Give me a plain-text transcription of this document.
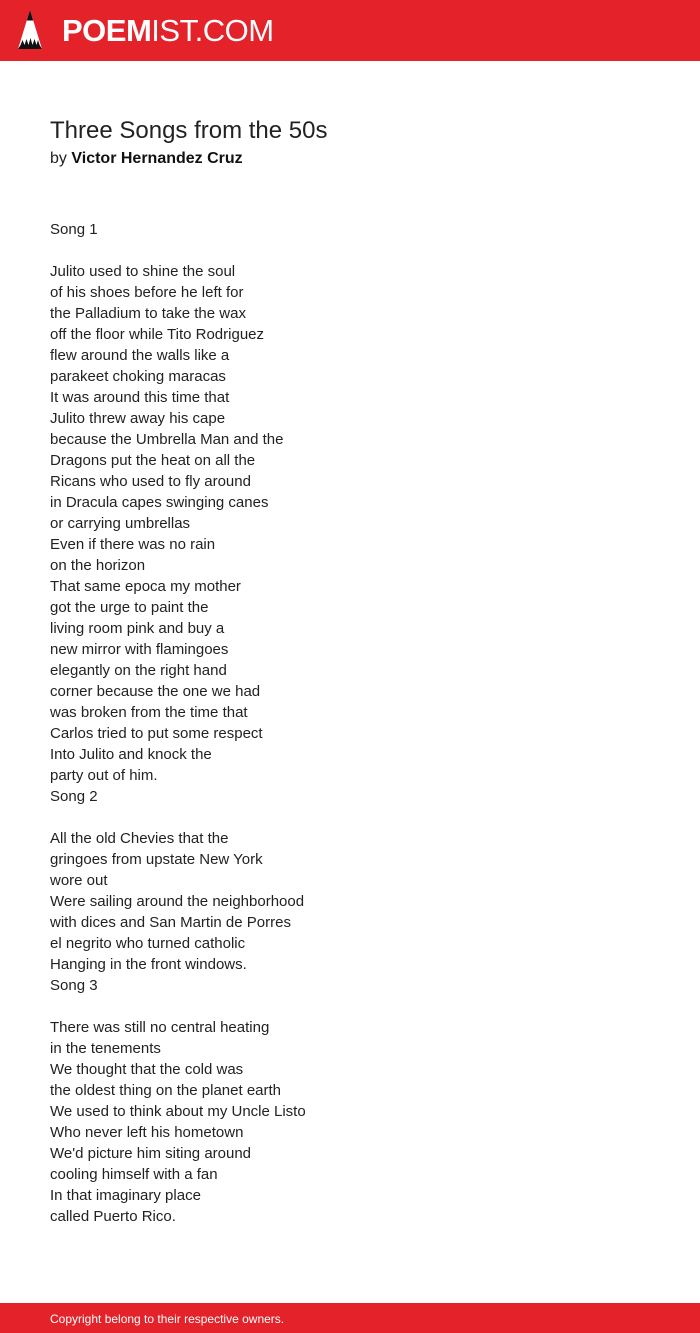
POEMIST.COM
Three Songs from the 50s
by Victor Hernandez Cruz
Song 1
Julito used to shine the soul
of his shoes before he left for
the Palladium to take the wax
off the floor while Tito Rodriguez
flew around the walls like a
parakeet choking maracas
It was around this time that
Julito threw away his cape
because the Umbrella Man and the
Dragons put the heat on all the
Ricans who used to fly around
in Dracula capes swinging canes
or carrying umbrellas
Even if there was no rain
on the horizon
That same epoca my mother
got the urge to paint the
living room pink and buy a
new mirror with flamingoes
elegantly on the right hand
corner because the one we had
was broken from the time that
Carlos tried to put some respect
Into Julito and knock the
party out of him.
Song 2
All the old Chevies that the
gringoes from upstate New York
wore out
Were sailing around the neighborhood
with dices and San Martin de Porres
el negrito who turned catholic
Hanging in the front windows.
Song 3
There was still no central heating
in the tenements
We thought that the cold was
the oldest thing on the planet earth
We used to think about my Uncle Listo
Who never left his hometown
We'd picture him siting around
cooling himself with a fan
In that imaginary place
called Puerto Rico.
Copyright belong to their respective owners.
